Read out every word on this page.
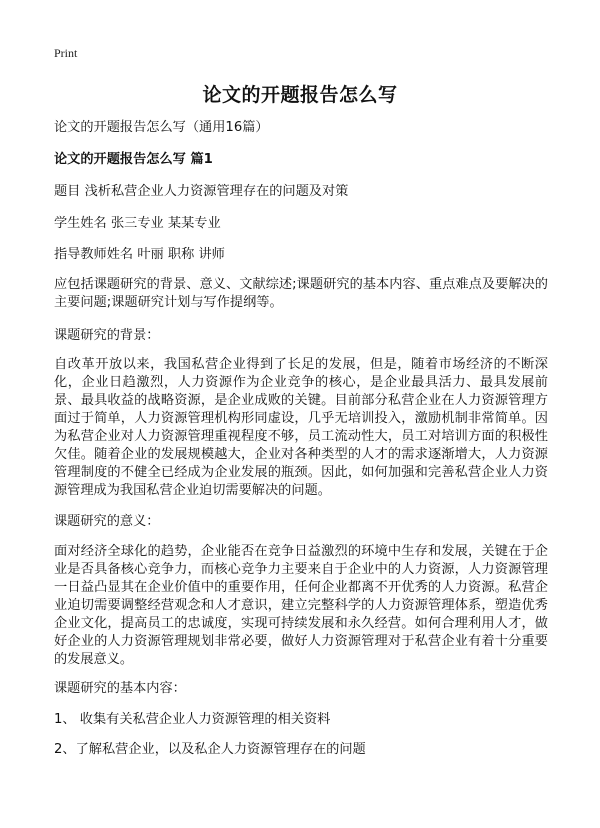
Print
论文的开题报告怎么写
论文的开题报告怎么写（通用16篇）
论文的开题报告怎么写 篇1
题目 浅析私营企业人力资源管理存在的问题及对策
学生姓名 张三专业 某某专业
指导教师姓名 叶丽 职称 讲师
应包括课题研究的背景、意义、文献综述;课题研究的基本内容、重点难点及要解决的主要问题;课题研究计划与写作提纲等。
课题研究的背景：
自改革开放以来，我国私营企业得到了长足的发展，但是，随着市场经济的不断深化，企业日趋激烈，人力资源作为企业竞争的核心，是企业最具活力、最具发展前景、最具收益的战略资源，是企业成败的关键。目前部分私营企业在人力资源管理方面过于简单，人力资源管理机构形同虚设，几乎无培训投入，激励机制非常简单。因为私营企业对人力资源管理重视程度不够，员工流动性大，员工对培训方面的积极性欠佳。随着企业的发展规模越大，企业对各种类型的人才的需求逐渐增大，人力资源管理制度的不健全已经成为企业发展的瓶颈。因此，如何加强和完善私营企业人力资源管理成为我国私营企业迫切需要解决的问题。
课题研究的意义：
面对经济全球化的趋势，企业能否在竞争日益激烈的环境中生存和发展，关键在于企业是否具备核心竞争力，而核心竞争力主要来自于企业中的人力资源，人力资源管理一日益凸显其在企业价值中的重要作用，任何企业都离不开优秀的人力资源。私营企业迫切需要调整经营观念和人才意识，建立完整科学的人力资源管理体系，塑造优秀企业文化，提高员工的忠诚度，实现可持续发展和永久经营。如何合理利用人才，做好企业的人力资源管理规划非常必要，做好人力资源管理对于私营企业有着十分重要的发展意义。
课题研究的基本内容：
1、 收集有关私营企业人力资源管理的相关资料
2、了解私营企业，以及私企人力资源管理存在的问题
